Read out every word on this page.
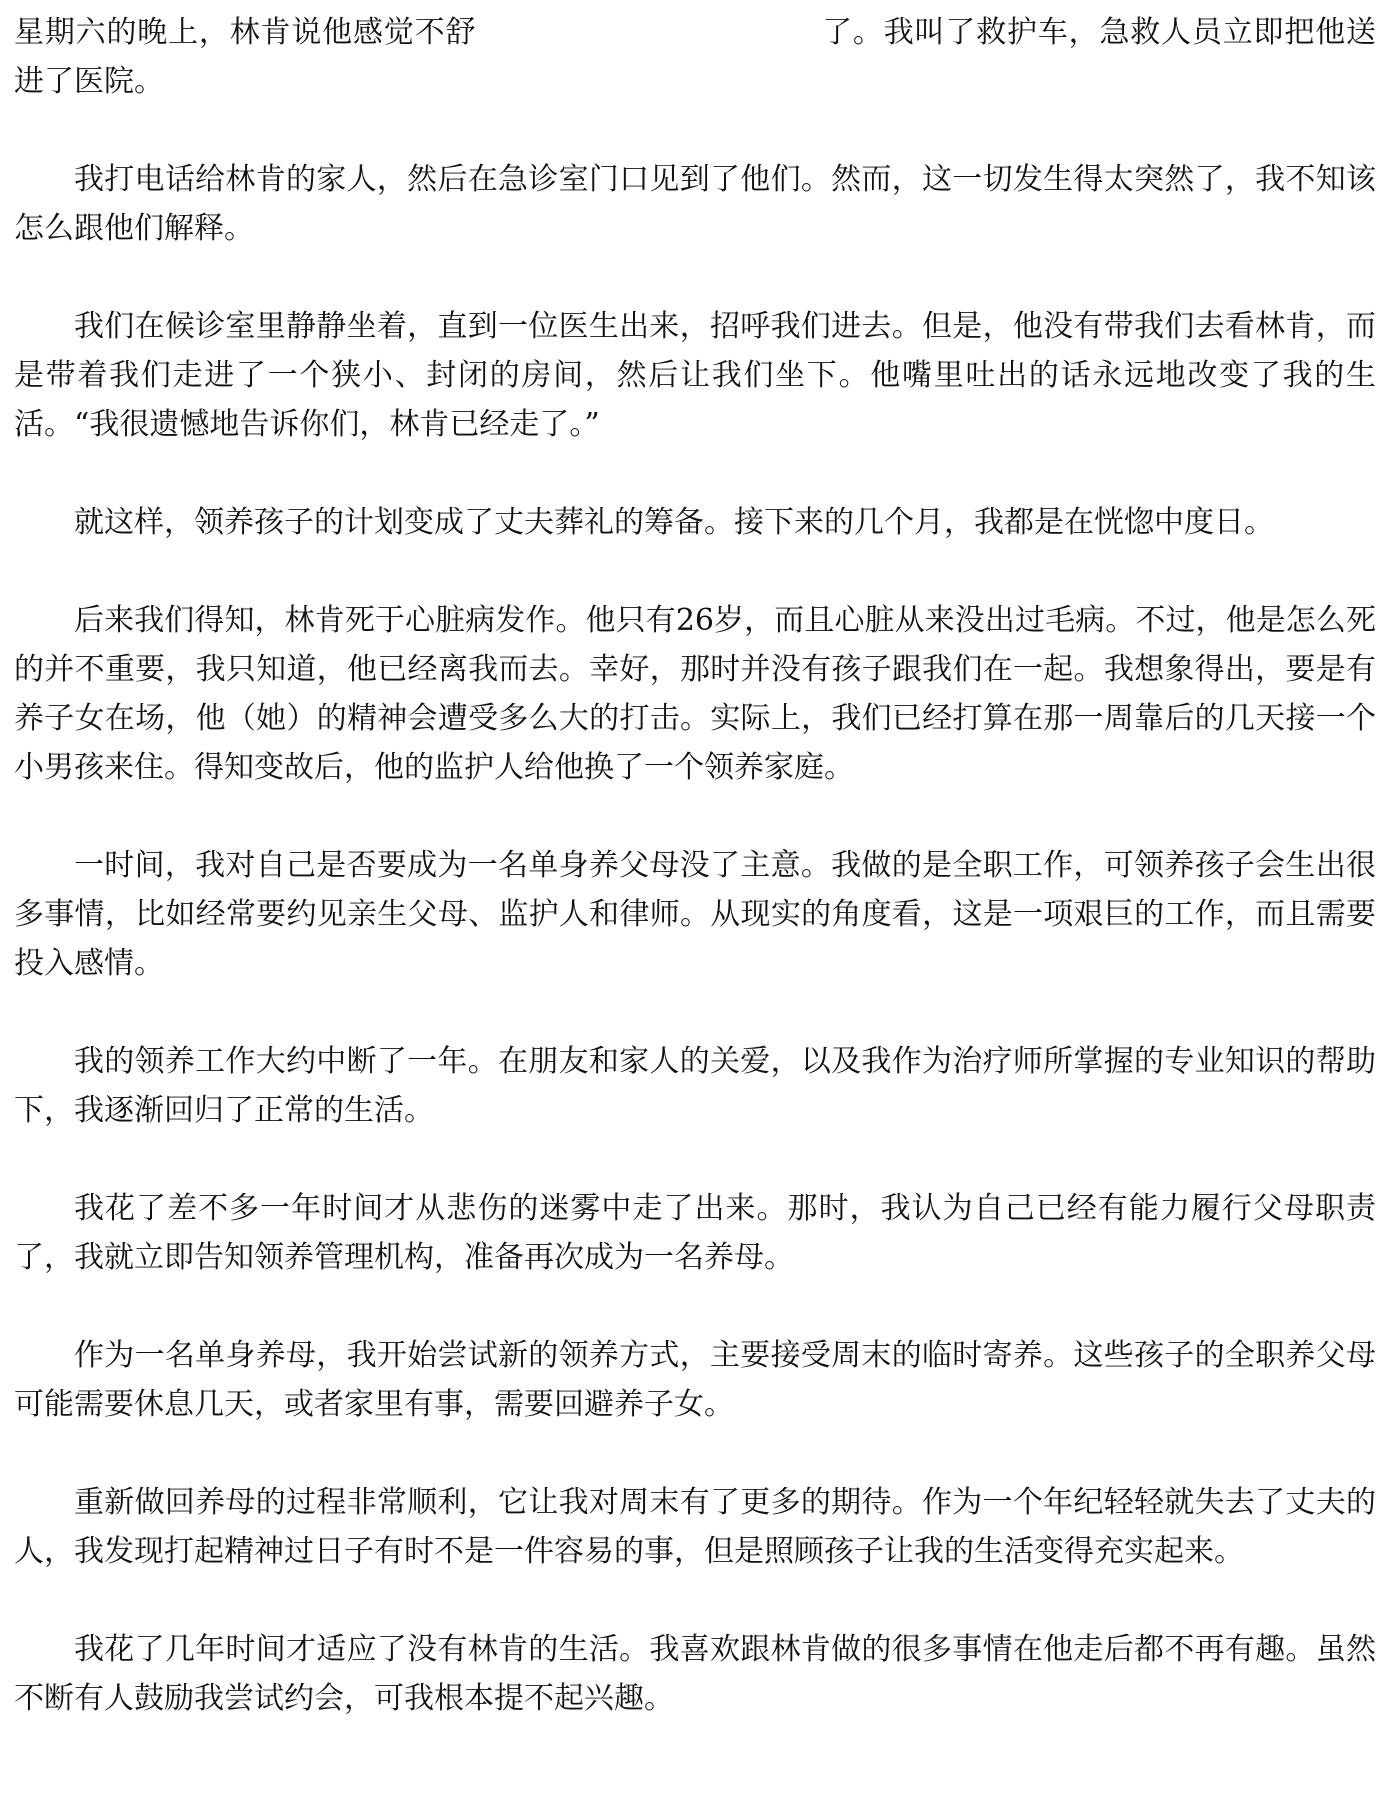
星期六的晚上，林肯说他感觉不舒	了。我叫了救护车，急救人员立即把他送进了医院。

我打电话给林肯的家人，然后在急诊室门口见到了他们。然而，这一切发生得太突然了，我不知该怎么跟他们解释。

我们在候诊室里静静坐着，直到一位医生出来，招呼我们进去。但是，他没有带我们去看林肯，而是带着我们走进了一个狭小、封闭的房间，然后让我们坐下。他嘴里吐出的话永远地改变了我的生活。“我很遗憾地告诉你们，林肯已经走了。”

就这样，领养孩子的计划变成了丈夫葬礼的筹备。接下来的几个月，我都是在恍惚中度日。

后来我们得知，林肯死于心脏病发作。他只有26岁，而且心脏从来没出过毛病。不过，他是怎么死的并不重要，我只知道，他已经离我而去。幸好，那时并没有孩子跟我们在一起。我想象得出，要是有养子女在场，他（她）的精神会遭受多么大的打击。实际上，我们已经打算在那一周靠后的几天接一个小男孩来住。得知变故后，他的监护人给他换了一个领养家庭。

一时间，我对自己是否要成为一名单身养父母没了主意。我做的是全职工作，可领养孩子会生出很多事情，比如经常要约见亲生父母、监护人和律师。从现实的角度看，这是一项艰巨的工作，而且需要投入感情。

我的领养工作大约中断了一年。在朋友和家人的关爱，以及我作为治疗师所掌握的专业知识的帮助下，我逐渐回归了正常的生活。

我花了差不多一年时间才从悲伤的迷雾中走了出来。那时，我认为自己已经有能力履行父母职责了，我就立即告知领养管理机构，准备再次成为一名养母。

作为一名单身养母，我开始尝试新的领养方式，主要接受周末的临时寄养。这些孩子的全职养父母可能需要休息几天，或者家里有事，需要回避养子女。

重新做回养母的过程非常顺利，它让我对周末有了更多的期待。作为一个年纪轻轻就失去了丈夫的人，我发现打起精神过日子有时不是一件容易的事，但是照顾孩子让我的生活变得充实起来。

我花了几年时间才适应了没有林肯的生活。我喜欢跟林肯做的很多事情在他走后都不再有趣。虽然不断有人鼓励我尝试约会，可我根本提不起兴趣。
